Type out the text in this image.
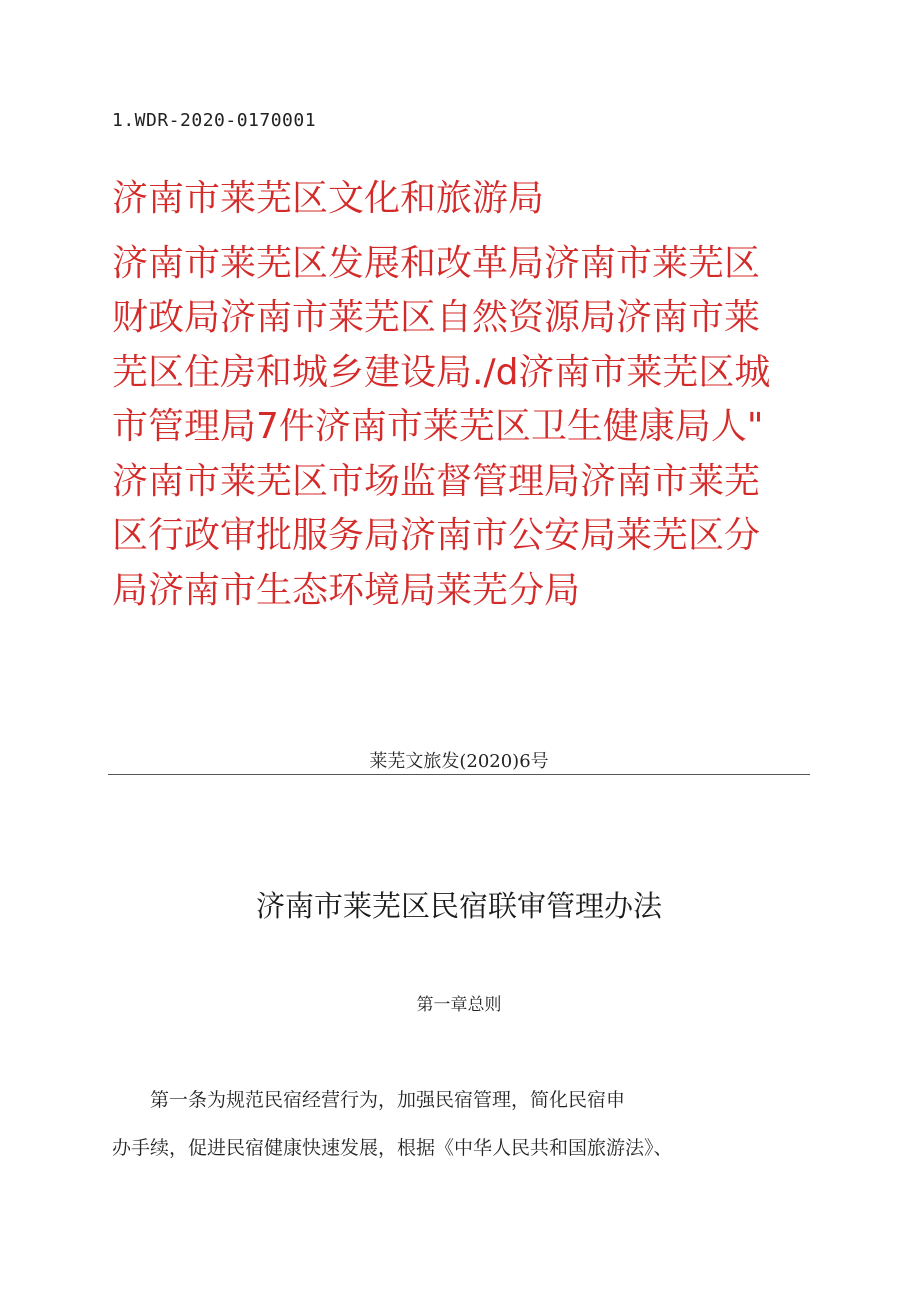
1.WDR-2020-0170001
济南市莱芜区文化和旅游局
济南市莱芜区发展和改革局济南市莱芜区
财政局济南市莱芜区自然资源局济南市莱
芜区住房和城乡建设局./d济南市莱芜区城
市管理局7件济南市莱芜区卫生健康局人"
济南市莱芜区市场监督管理局济南市莱芜
区行政审批服务局济南市公安局莱芜区分
局济南市生态环境局莱芜分局
莱芜文旅发(2020)6号
济南市莱芜区民宿联审管理办法
第一章总则
第一条为规范民宿经营行为，加强民宿管理，简化民宿申
办手续，促进民宿健康快速发展，根据《中华人民共和国旅游法》、
